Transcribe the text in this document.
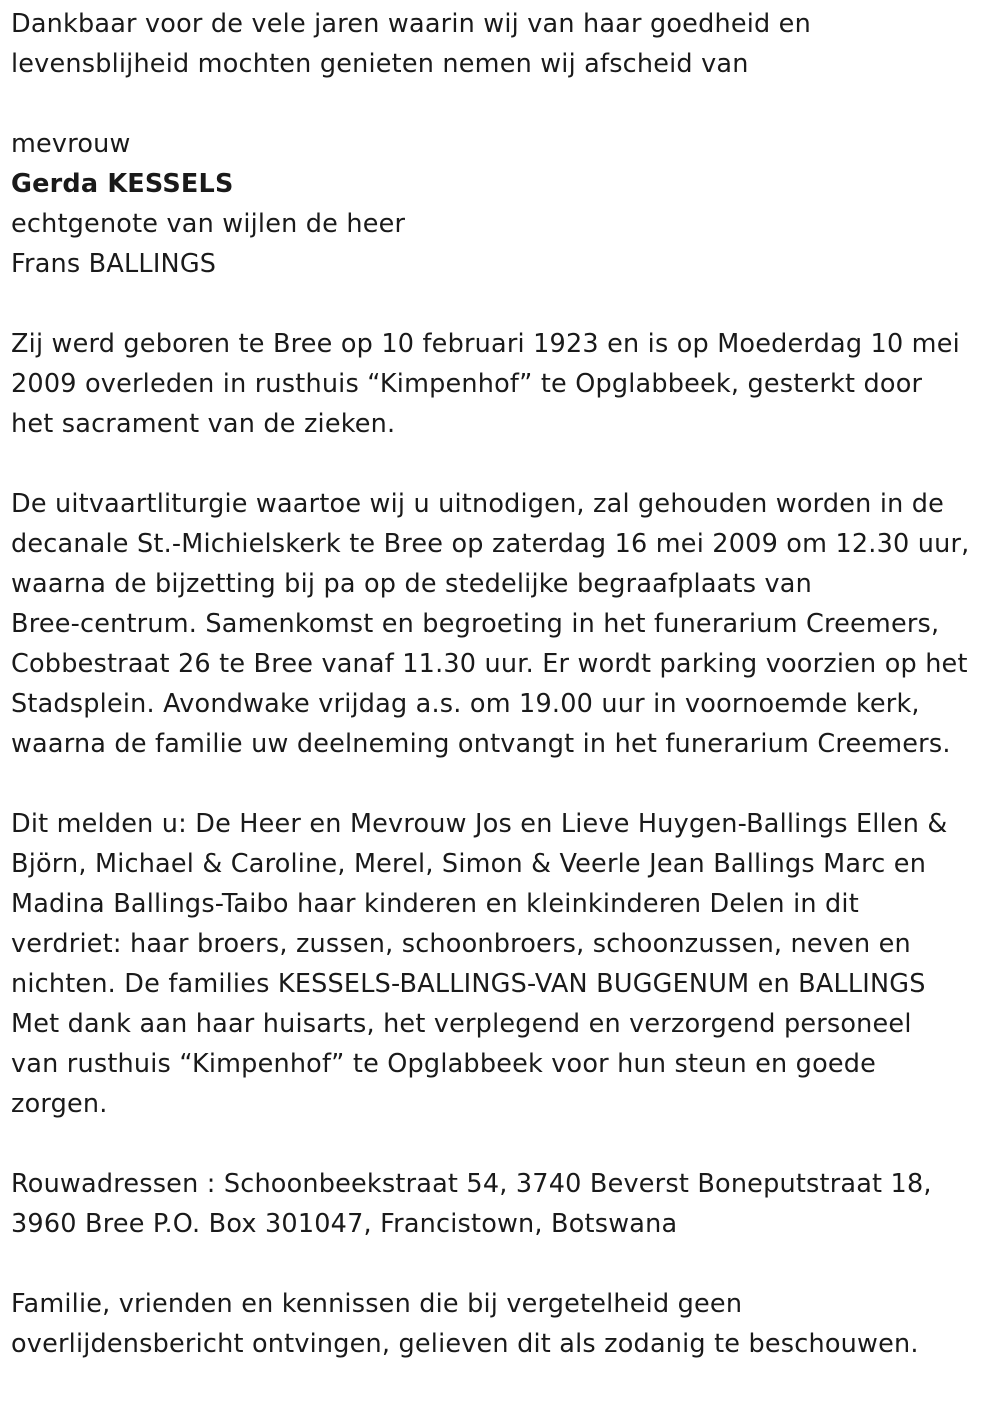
Dankbaar voor de vele jaren waarin wij van haar goedheid en
levensblijheid mochten genieten nemen wij afscheid van
mevrouw
Gerda KESSELS
echtgenote van wijlen de heer
Frans BALLINGS
Zij werd geboren te Bree op 10 februari 1923 en is op Moederdag 10 mei
2009 overleden in rusthuis “Kimpenhof” te Opglabbeek, gesterkt door
het sacrament van de zieken.
De uitvaartliturgie waartoe wij u uitnodigen, zal gehouden worden in de
decanale St.-Michielskerk te Bree op zaterdag 16 mei 2009 om 12.30 uur,
waarna de bijzetting bij pa op de stedelijke begraafplaats van
Bree-centrum. Samenkomst en begroeting in het funerarium Creemers,
Cobbestraat 26 te Bree vanaf 11.30 uur. Er wordt parking voorzien op het
Stadsplein. Avondwake vrijdag a.s. om 19.00 uur in voornoemde kerk,
waarna de familie uw deelneming ontvangt in het funerarium Creemers.
Dit melden u: De Heer en Mevrouw Jos en Lieve Huygen-Ballings Ellen &
Björn, Michael & Caroline, Merel, Simon & Veerle Jean Ballings Marc en
Madina Ballings-Taibo haar kinderen en kleinkinderen Delen in dit
verdriet: haar broers, zussen, schoonbroers, schoonzussen, neven en
nichten. De families KESSELS-BALLINGS-VAN BUGGENUM en BALLINGS
Met dank aan haar huisarts, het verplegend en verzorgend personeel
van rusthuis “Kimpenhof” te Opglabbeek voor hun steun en goede
zorgen.
Rouwadressen : Schoonbeekstraat 54, 3740 Beverst Boneputstraat 18,
3960 Bree P.O. Box 301047, Francistown, Botswana
Familie, vrienden en kennissen die bij vergetelheid geen
overlijdensbericht ontvingen, gelieven dit als zodanig te beschouwen.
